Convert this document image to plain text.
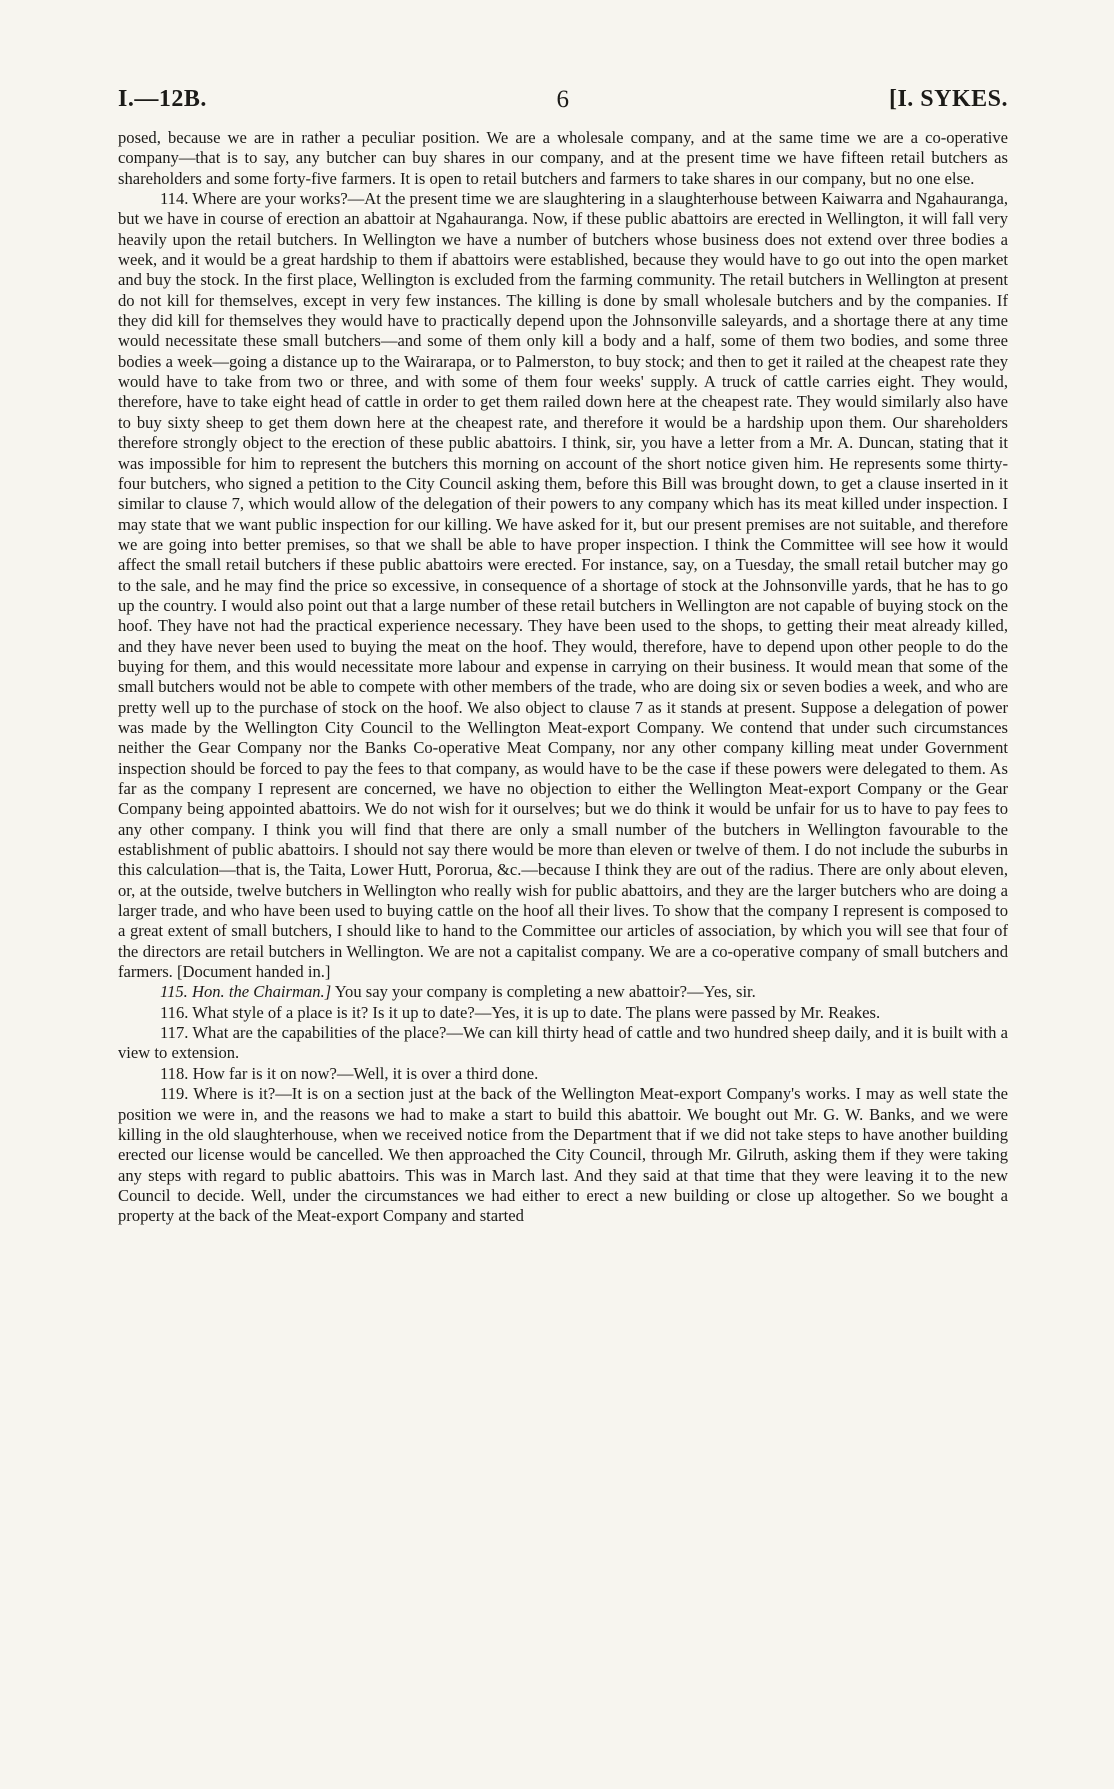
I.—12B.	6	[I. SYKES.

posed, because we are in rather a peculiar position. We are a wholesale company, and at the same time we are a co-operative company—that is to say, any butcher can buy shares in our company, and at the present time we have fifteen retail butchers as shareholders and some forty-five farmers. It is open to retail butchers and farmers to take shares in our company, but no one else.

114. Where are your works?—At the present time we are slaughtering in a slaughterhouse between Kaiwarra and Ngahauranga, but we have in course of erection an abattoir at Ngahauranga. Now, if these public abattoirs are erected in Wellington, it will fall very heavily upon the retail butchers. In Wellington we have a number of butchers whose business does not extend over three bodies a week, and it would be a great hardship to them if abattoirs were established, because they would have to go out into the open market and buy the stock. In the first place, Wellington is excluded from the farming community. The retail butchers in Wellington at present do not kill for themselves, except in very few instances. The killing is done by small wholesale butchers and by the companies. If they did kill for themselves they would have to practically depend upon the Johnsonville saleyards, and a shortage there at any time would necessitate these small butchers—and some of them only kill a body and a half, some of them two bodies, and some three bodies a week—going a distance up to the Wairarapa, or to Palmerston, to buy stock; and then to get it railed at the cheapest rate they would have to take from two or three, and with some of them four weeks' supply. A truck of cattle carries eight. They would, therefore, have to take eight head of cattle in order to get them railed down here at the cheapest rate. They would similarly also have to buy sixty sheep to get them down here at the cheapest rate, and therefore it would be a hardship upon them. Our shareholders therefore strongly object to the erection of these public abattoirs. I think, sir, you have a letter from a Mr. A. Duncan, stating that it was impossible for him to represent the butchers this morning on account of the short notice given him. He represents some thirty-four butchers, who signed a petition to the City Council asking them, before this Bill was brought down, to get a clause inserted in it similar to clause 7, which would allow of the delegation of their powers to any company which has its meat killed under inspection. I may state that we want public inspection for our killing. We have asked for it, but our present premises are not suitable, and therefore we are going into better premises, so that we shall be able to have proper inspection. I think the Committee will see how it would affect the small retail butchers if these public abattoirs were erected. For instance, say, on a Tuesday, the small retail butcher may go to the sale, and he may find the price so excessive, in consequence of a shortage of stock at the Johnsonville yards, that he has to go up the country. I would also point out that a large number of these retail butchers in Wellington are not capable of buying stock on the hoof. They have not had the practical experience necessary. They have been used to the shops, to getting their meat already killed, and they have never been used to buying the meat on the hoof. They would, therefore, have to depend upon other people to do the buying for them, and this would necessitate more labour and expense in carrying on their business. It would mean that some of the small butchers would not be able to compete with other members of the trade, who are doing six or seven bodies a week, and who are pretty well up to the purchase of stock on the hoof. We also object to clause 7 as it stands at present. Suppose a delegation of power was made by the Wellington City Council to the Wellington Meat-export Company. We contend that under such circumstances neither the Gear Company nor the Banks Co-operative Meat Company, nor any other company killing meat under Government inspection should be forced to pay the fees to that company, as would have to be the case if these powers were delegated to them. As far as the company I represent are concerned, we have no objection to either the Wellington Meat-export Company or the Gear Company being appointed abattoirs. We do not wish for it ourselves; but we do think it would be unfair for us to have to pay fees to any other company. I think you will find that there are only a small number of the butchers in Wellington favourable to the establishment of public abattoirs. I should not say there would be more than eleven or twelve of them. I do not include the suburbs in this calculation—that is, the Taita, Lower Hutt, Pororua, &c.—because I think they are out of the radius. There are only about eleven, or, at the outside, twelve butchers in Wellington who really wish for public abattoirs, and they are the larger butchers who are doing a larger trade, and who have been used to buying cattle on the hoof all their lives. To show that the company I represent is composed to a great extent of small butchers, I should like to hand to the Committee our articles of association, by which you will see that four of the directors are retail butchers in Wellington. We are not a capitalist company. We are a co-operative company of small butchers and farmers. [Document handed in.]

115. Hon. the Chairman.] You say your company is completing a new abattoir?—Yes, sir.

116. What style of a place is it? Is it up to date?—Yes, it is up to date. The plans were passed by Mr. Reakes.

117. What are the capabilities of the place?—We can kill thirty head of cattle and two hundred sheep daily, and it is built with a view to extension.

118. How far is it on now?—Well, it is over a third done.

119. Where is it?—It is on a section just at the back of the Wellington Meat-export Company's works. I may as well state the position we were in, and the reasons we had to make a start to build this abattoir. We bought out Mr. G. W. Banks, and we were killing in the old slaughterhouse, when we received notice from the Department that if we did not take steps to have another building erected our license would be cancelled. We then approached the City Council, through Mr. Gilruth, asking them if they were taking any steps with regard to public abattoirs. This was in March last. And they said at that time that they were leaving it to the new Council to decide. Well, under the circumstances we had either to erect a new building or close up altogether. So we bought a property at the back of the Meat-export Company and started
